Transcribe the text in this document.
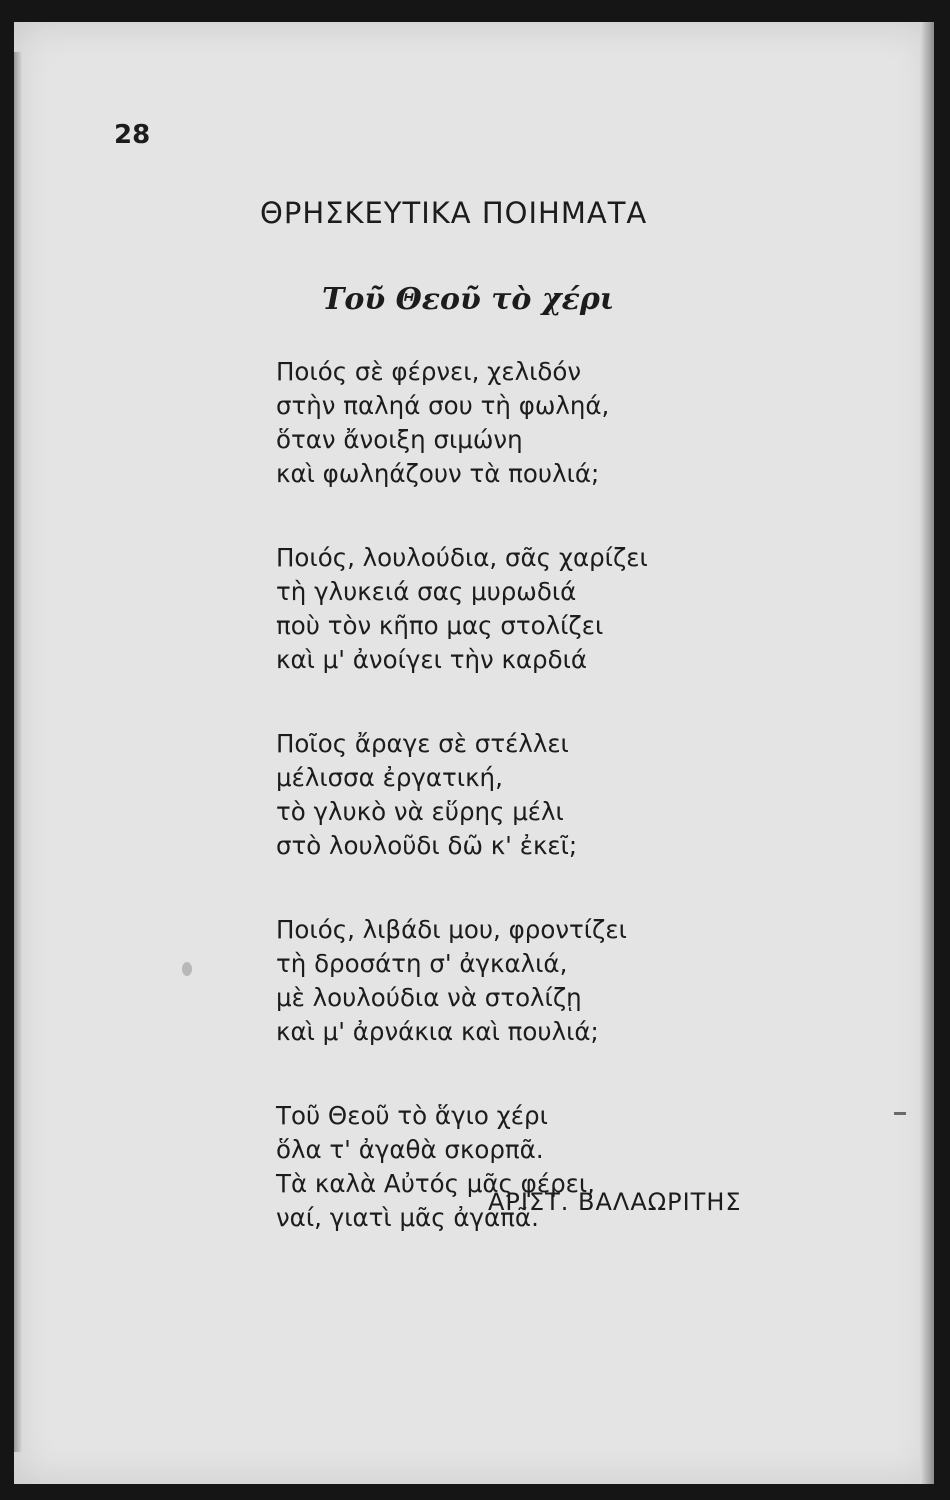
28
ΘΡΗΣΚΕΥΤΙΚΑ ΠΟΙΗΜΑΤΑ
Τοῦ Θεοῦ τὸ χέρι
Ποιός σὲ φέρνει, χελιδόν
στὴν παληά σου τὴ φωληά,
ὅταν ἄνοιξη σιμώνη
καὶ φωληάζουν τὰ πουλιά;
Ποιός, λουλούδια, σᾶς χαρίζει
τὴ γλυκειά σας μυρωδιά
ποὺ τὸν κῆπο μας στολίζει
καὶ μ' ἀνοίγει τὴν καρδιά
Ποῖος ἄραγε σὲ στέλλει
μέλισσα ἐργατική,
τὸ γλυκὸ νὰ εὕρης μέλι
στὸ λουλοῦδι δῶ κ' ἐκεῖ;
Ποιός, λιβάδι μου, φροντίζει
τὴ δροσάτη σ' ἀγκαλιά,
μὲ λουλούδια νὰ στολίζῃ
καὶ μ' ἀρνάκια καὶ πουλιά;
Τοῦ Θεοῦ τὸ ἅγιο χέρι
ὅλα τ' ἀγαθὰ σκορπᾶ.
Τὰ καλὰ Αὐτός μᾶς φέρει,
ναί, γιατὶ μᾶς ἀγαπᾶ.
ΑΡΙΣΤ. ΒΑΛΑΩΡΙΤΗΣ
